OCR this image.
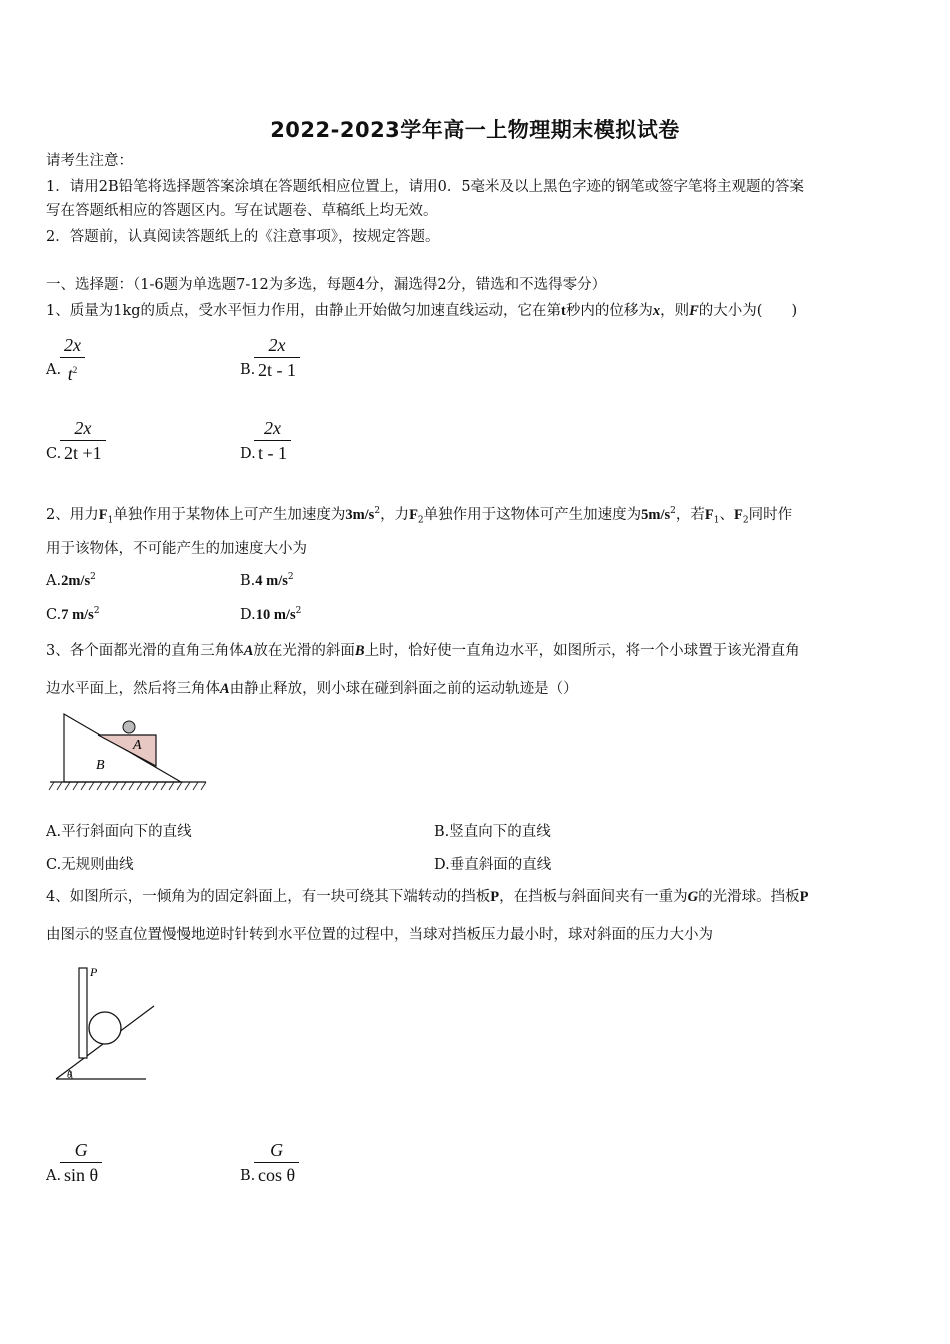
2022-2023学年高一上物理期末模拟试卷
请考生注意：
1．请用2B铅笔将选择题答案涂填在答题纸相应位置上，请用0．5毫米及以上黑色字迹的钢笔或签字笔将主观题的答案
写在答题纸相应的答题区内。写在试题卷、草稿纸上均无效。
2．答题前，认真阅读答题纸上的《注意事项》，按规定答题。
一、选择题：（1-6题为单选题7-12为多选，每题4分，漏选得2分，错选和不选得零分）
1、质量为1kg的质点，受水平恒力作用，由静止开始做匀加速直线运动，它在第t秒内的位移为x，则F的大小为(　　)
A.
$\frac{2x}{t^2}$	B.
$\frac{2x}{2t - 1}$
C.
$\frac{2x}{2t +1}$	D.
$\frac{2x}{t - 1}$
2、用力$F_1$单独作用于某物体上可产生加速度为$3m/s^2$，力$F_2$单独作用于这物体可产生加速度为$5m/s^2$，若$F_1$、$F_2$同时作
用于该物体，不可能产生的加速度大小为
$A.2m/s^2$	B.4 $m/s^2$
C.7 $m/s^2$	D.10 $m/s^2$
3、各个面都光滑的直角三角体A放在光滑的斜面B上时，恰好使一直角边水平，如图所示，将一个小球置于该光滑直角
边水平面上，然后将三角体A由静止释放，则小球在碰到斜面之前的运动轨迹是（）
A
B
A.平行斜面向下的直线	B.竖直向下的直线
C.无规则曲线	D.垂直斜面的直线
4、如图所示，一倾角为的固定斜面上，有一块可绕其下端转动的挡板P，在挡板与斜面间夹有一重为G的光滑球。挡板P
由图示的竖直位置慢慢地逆时针转到水平位置的过程中，当球对挡板压力最小时，球对斜面的压力大小为
P
θ
A.
$\frac{G}{\text{sin θ}}$	B.
$\frac{G}{\text{cos θ}}$
